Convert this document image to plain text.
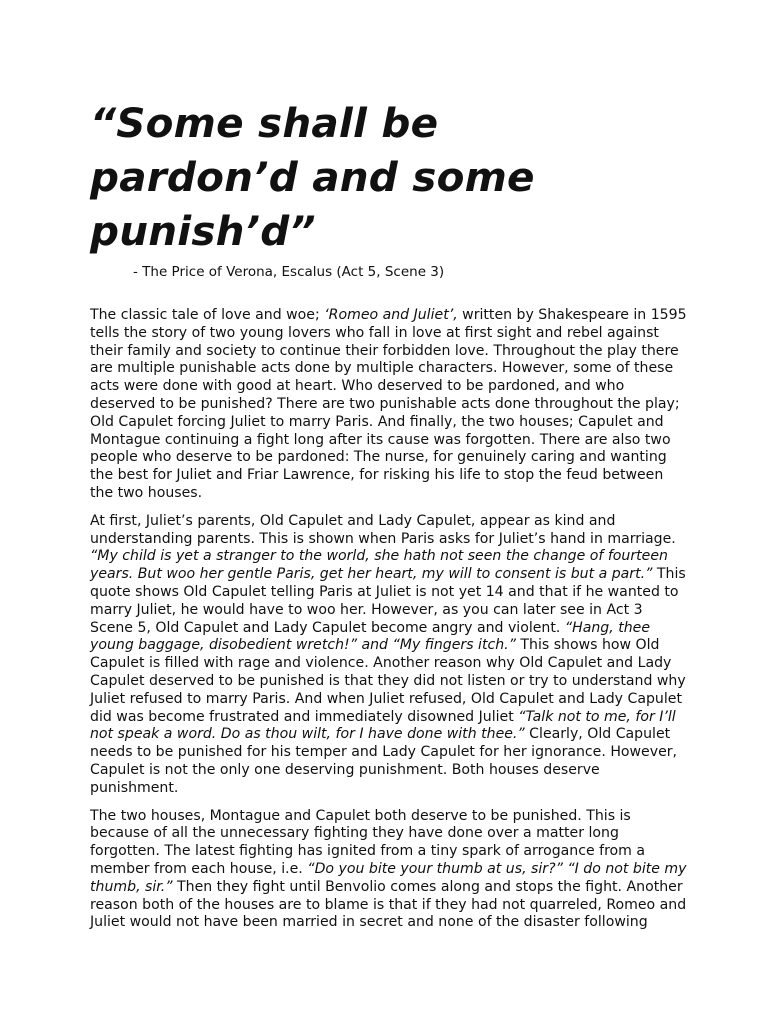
“Some shall be
pardon’d and some
punish’d”
- The Price of Verona, Escalus (Act 5, Scene 3)
The classic tale of love and woe; ‘Romeo and Juliet’, written by Shakespeare in 1595
tells the story of two young lovers who fall in love at first sight and rebel against
their family and society to continue their forbidden love. Throughout the play there
are multiple punishable acts done by multiple characters. However, some of these
acts were done with good at heart. Who deserved to be pardoned, and who
deserved to be punished? There are two punishable acts done throughout the play;
Old Capulet forcing Juliet to marry Paris. And finally, the two houses; Capulet and
Montague continuing a fight long after its cause was forgotten. There are also two
people who deserve to be pardoned: The nurse, for genuinely caring and wanting
the best for Juliet and Friar Lawrence, for risking his life to stop the feud between
the two houses.
At first, Juliet’s parents, Old Capulet and Lady Capulet, appear as kind and
understanding parents. This is shown when Paris asks for Juliet’s hand in marriage.
“My child is yet a stranger to the world, she hath not seen the change of fourteen
years. But woo her gentle Paris, get her heart, my will to consent is but a part.” This
quote shows Old Capulet telling Paris at Juliet is not yet 14 and that if he wanted to
marry Juliet, he would have to woo her. However, as you can later see in Act 3
Scene 5, Old Capulet and Lady Capulet become angry and violent. “Hang, thee
young baggage, disobedient wretch!” and “My fingers itch.” This shows how Old
Capulet is filled with rage and violence. Another reason why Old Capulet and Lady
Capulet deserved to be punished is that they did not listen or try to understand why
Juliet refused to marry Paris. And when Juliet refused, Old Capulet and Lady Capulet
did was become frustrated and immediately disowned Juliet “Talk not to me, for I’ll
not speak a word. Do as thou wilt, for I have done with thee.” Clearly, Old Capulet
needs to be punished for his temper and Lady Capulet for her ignorance. However,
Capulet is not the only one deserving punishment. Both houses deserve
punishment.
The two houses, Montague and Capulet both deserve to be punished. This is
because of all the unnecessary fighting they have done over a matter long
forgotten. The latest fighting has ignited from a tiny spark of arrogance from a
member from each house, i.e. “Do you bite your thumb at us, sir?” “I do not bite my
thumb, sir.” Then they fight until Benvolio comes along and stops the fight. Another
reason both of the houses are to blame is that if they had not quarreled, Romeo and
Juliet would not have been married in secret and none of the disaster following
